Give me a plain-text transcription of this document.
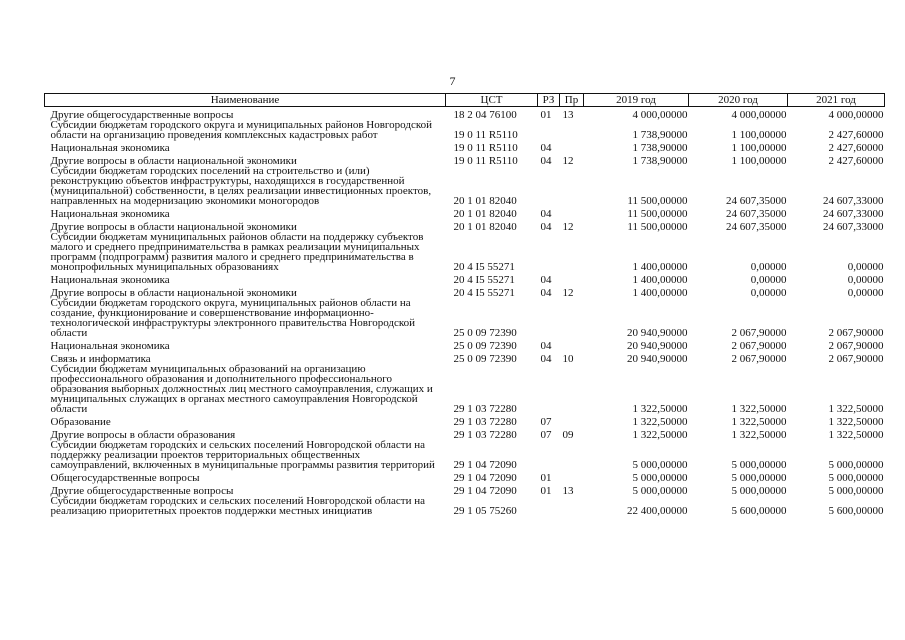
7
Наименование	ЦСТ	РЗ	Пр	2019 год	2020 год	2021 год
Другие общегосударственные вопросы	18 2 04 76100	01	13	4 000,00000	4 000,00000	4 000,00000
Субсидии бюджетам городского округа и муниципальных районов Новгородской области на организацию проведения комплексных кадастровых работ	19 0 11 R5110			1 738,90000	1 100,00000	2 427,60000
Национальная экономика	19 0 11 R5110	04		1 738,90000	1 100,00000	2 427,60000
Другие вопросы в области национальной экономики	19 0 11 R5110	04	12	1 738,90000	1 100,00000	2 427,60000
Субсидии бюджетам городских поселений на строительство и (или) реконструкцию объектов инфраструктуры, находящихся в государственной (муниципальной) собственности, в целях реализации инвестиционных проектов, направленных на модернизацию экономики моногородов	20 1 01 82040			11 500,00000	24 607,35000	24 607,33000
Национальная экономика	20 1 01 82040	04		11 500,00000	24 607,35000	24 607,33000
Другие вопросы в области национальной экономики	20 1 01 82040	04	12	11 500,00000	24 607,35000	24 607,33000
Субсидии бюджетам муниципальных районов области на поддержку субъектов малого и среднего предпринимательства в рамках реализации муниципальных программ (подпрограмм) развития малого и среднего предпринимательства в монопрофильных муниципальных образованиях	20 4 I5 55271			1 400,00000	0,00000	0,00000
Национальная экономика	20 4 I5 55271	04		1 400,00000	0,00000	0,00000
Другие вопросы в области национальной экономики	20 4 I5 55271	04	12	1 400,00000	0,00000	0,00000
Субсидии бюджетам городского округа, муниципальных районов области на создание, функционирование и совершенствование информационно-технологической инфраструктуры электронного правительства Новгородской области	25 0 09 72390			20 940,90000	2 067,90000	2 067,90000
Национальная экономика	25 0 09 72390	04		20 940,90000	2 067,90000	2 067,90000
Связь и информатика	25 0 09 72390	04	10	20 940,90000	2 067,90000	2 067,90000
Субсидии бюджетам муниципальных образований на организацию профессионального образования и дополнительного профессионального образования выборных должностных лиц местного самоуправления, служащих и муниципальных служащих в органах местного самоуправления Новгородской области	29 1 03 72280			1 322,50000	1 322,50000	1 322,50000
Образование	29 1 03 72280	07		1 322,50000	1 322,50000	1 322,50000
Другие вопросы в области образования	29 1 03 72280	07	09	1 322,50000	1 322,50000	1 322,50000
Субсидии бюджетам городских и сельских поселений Новгородской области на поддержку реализации проектов территориальных общественных самоуправлений, включенных в муниципальные программы развития территорий	29 1 04 72090			5 000,00000	5 000,00000	5 000,00000
Общегосударственные вопросы	29 1 04 72090	01		5 000,00000	5 000,00000	5 000,00000
Другие общегосударственные вопросы	29 1 04 72090	01	13	5 000,00000	5 000,00000	5 000,00000
Субсидии бюджетам городских и сельских поселений Новгородской области на реализацию приоритетных проектов поддержки местных инициатив	29 1 05 75260			22 400,00000	5 600,00000	5 600,00000
